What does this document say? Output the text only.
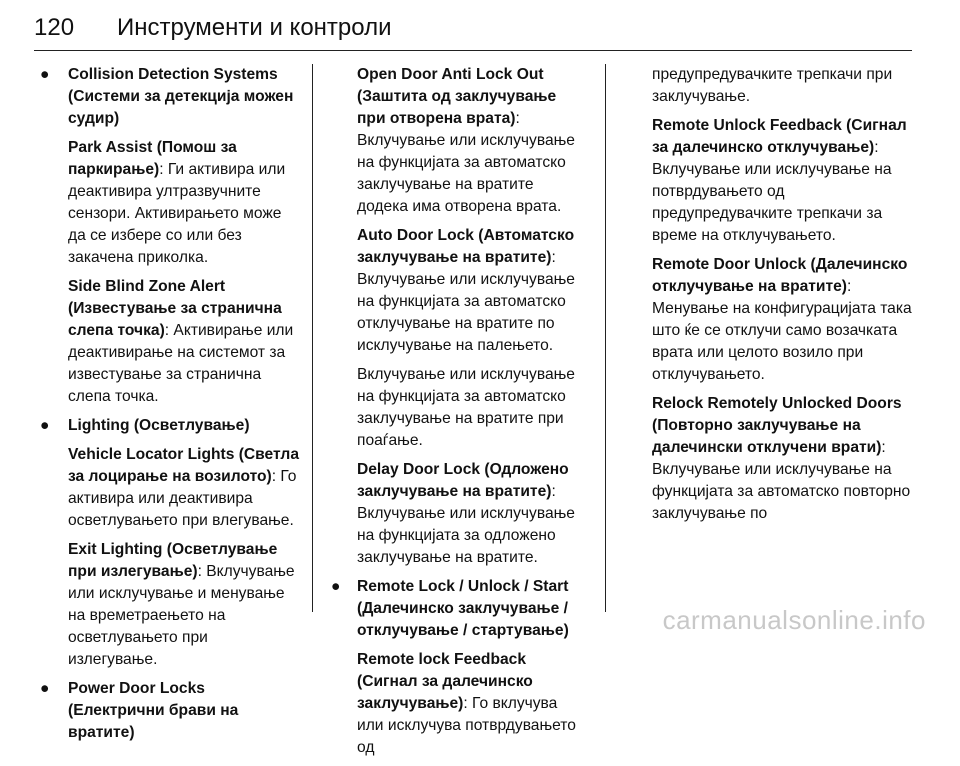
120 Инструменти и контроли
● Collision Detection Systems (Системи за детекција можен судир)

Park Assist (Помош за паркирање): Ги активира или деактивира ултразвучните сензори. Активирањето може да се избере со или без закачена приколка.

Side Blind Zone Alert (Известување за странична слепа точка): Активирање или деактивирање на системот за известување за странична слепа точка.

● Lighting (Осветлување)

Vehicle Locator Lights (Светла за лоцирање на возилото): Го активира или деактивира осветлувањето при влегување.

Exit Lighting (Осветлување при излегување): Вклучување или исклучување и менување на времетраењето на осветлувањето при излегување.

● Power Door Locks (Електрични брави на вратите)

Open Door Anti Lock Out (Заштита од заклучување при отворена врата): Вклучување или исклучување на функцијата за автоматско заклучување на вратите додека има отворена врата.

Auto Door Lock (Автоматско заклучување на вратите): Вклучување или исклучување на функцијата за автоматско отклучување на вратите по исклучување на палењето.

Вклучување или исклучување на функцијата за автоматско заклучување на вратите при поаѓање.

Delay Door Lock (Одложено заклучување на вратите): Вклучување или исклучување на функцијата за одложено заклучување на вратите.

● Remote Lock / Unlock / Start (Далечинско заклучување / отклучување / стартување)

Remote lock Feedback (Сигнал за далечинско заклучување): Го вклучува или исклучува потврдувањето од

предупредувачките трепкачи при заклучување.

Remote Unlock Feedback (Сигнал за далечинско отклучување): Вклучување или исклучување на потврдувањето од предупредувачките трепкачи за време на отклучувањето.

Remote Door Unlock (Далечинско отклучување на вратите): Менување на конфигурацијата така што ќе се отклучи само возачката врата или целото возило при отклучувањето.

Relock Remotely Unlocked Doors (Повторно заклучување на далечински отклучени врати): Вклучување или исклучување на функцијата за автоматско повторно заклучување по

carmanualsonline.info
